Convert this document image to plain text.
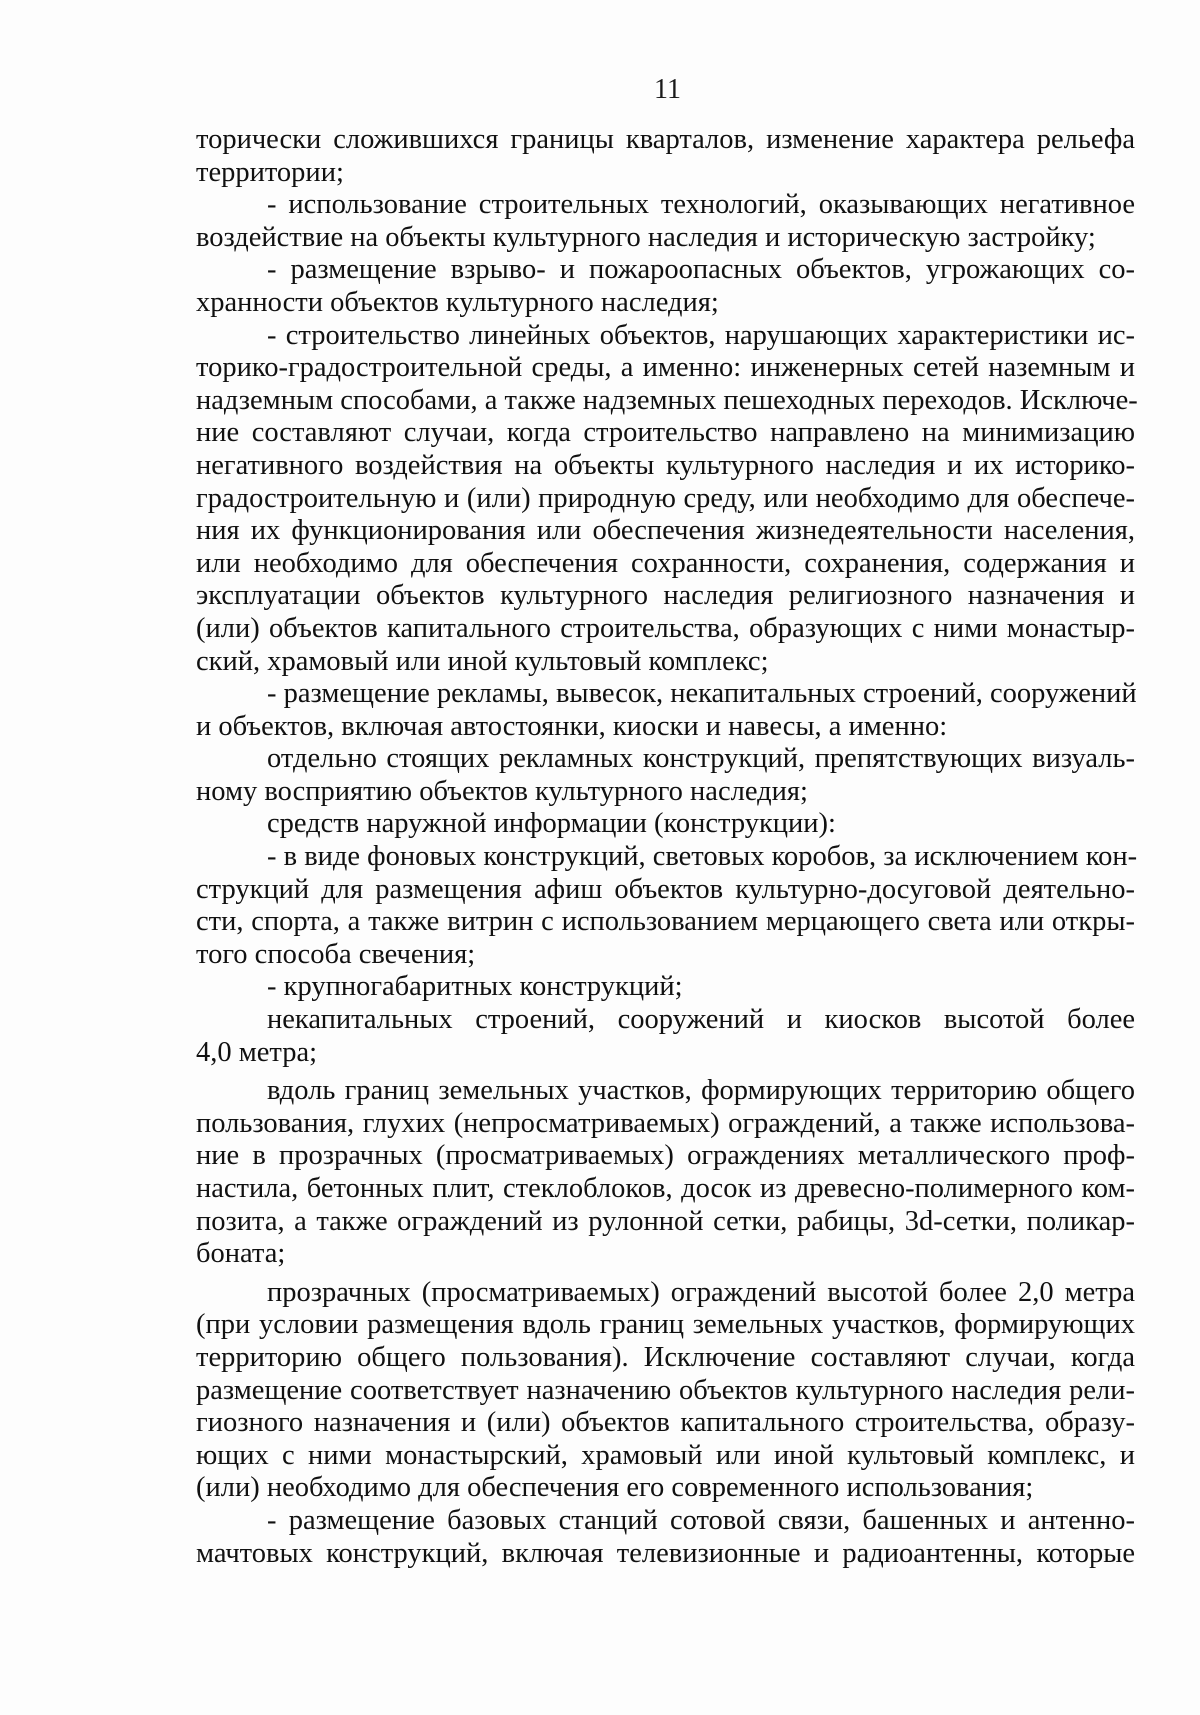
11
торически сложившихся границы кварталов, изменение характера рельефа
территории;
- использование строительных технологий, оказывающих негативное
воздействие на объекты культурного наследия и историческую застройку;
- размещение взрыво- и пожароопасных объектов, угрожающих со-
хранности объектов культурного наследия;
- строительство линейных объектов, нарушающих характеристики ис-
торико-градостроительной среды, а именно: инженерных сетей наземным и
надземным способами, а также надземных пешеходных переходов. Исключе-
ние составляют случаи, когда строительство направлено на минимизацию
негативного воздействия на объекты культурного наследия и их историко-
градостроительную и (или) природную среду, или необходимо для обеспече-
ния их функционирования или обеспечения жизнедеятельности населения,
или необходимо для обеспечения сохранности, сохранения, содержания и
эксплуатации объектов культурного наследия религиозного назначения и
(или) объектов капитального строительства, образующих с ними монастыр-
ский, храмовый или иной культовый комплекс;
- размещение рекламы, вывесок, некапитальных строений, сооружений
и объектов, включая автостоянки, киоски и навесы, а именно:
отдельно стоящих рекламных конструкций, препятствующих визуаль-
ному восприятию объектов культурного наследия;
средств наружной информации (конструкции):
- в виде фоновых конструкций, световых коробов, за исключением кон-
струкций для размещения афиш объектов культурно-досуговой деятельно-
сти, спорта, а также витрин с использованием мерцающего света или откры-
того способа свечения;
- крупногабаритных конструкций;
некапитальных строений, сооружений и киосков высотой более
4,0 метра;
вдоль границ земельных участков, формирующих территорию общего
пользования, глухих (непросматриваемых) ограждений, а также использова-
ние в прозрачных (просматриваемых) ограждениях металлического проф-
настила, бетонных плит, стеклоблоков, досок из древесно-полимерного ком-
позита, а также ограждений из рулонной сетки, рабицы, 3d-сетки, поликар-
боната;
прозрачных (просматриваемых) ограждений высотой более 2,0 метра
(при условии размещения вдоль границ земельных участков, формирующих
территорию общего пользования). Исключение составляют случаи, когда
размещение соответствует назначению объектов культурного наследия рели-
гиозного назначения и (или) объектов капитального строительства, образу-
ющих с ними монастырский, храмовый или иной культовый комплекс, и
(или) необходимо для обеспечения его современного использования;
- размещение базовых станций сотовой связи, башенных и антенно-
мачтовых конструкций, включая телевизионные и радиоантенны, которые
